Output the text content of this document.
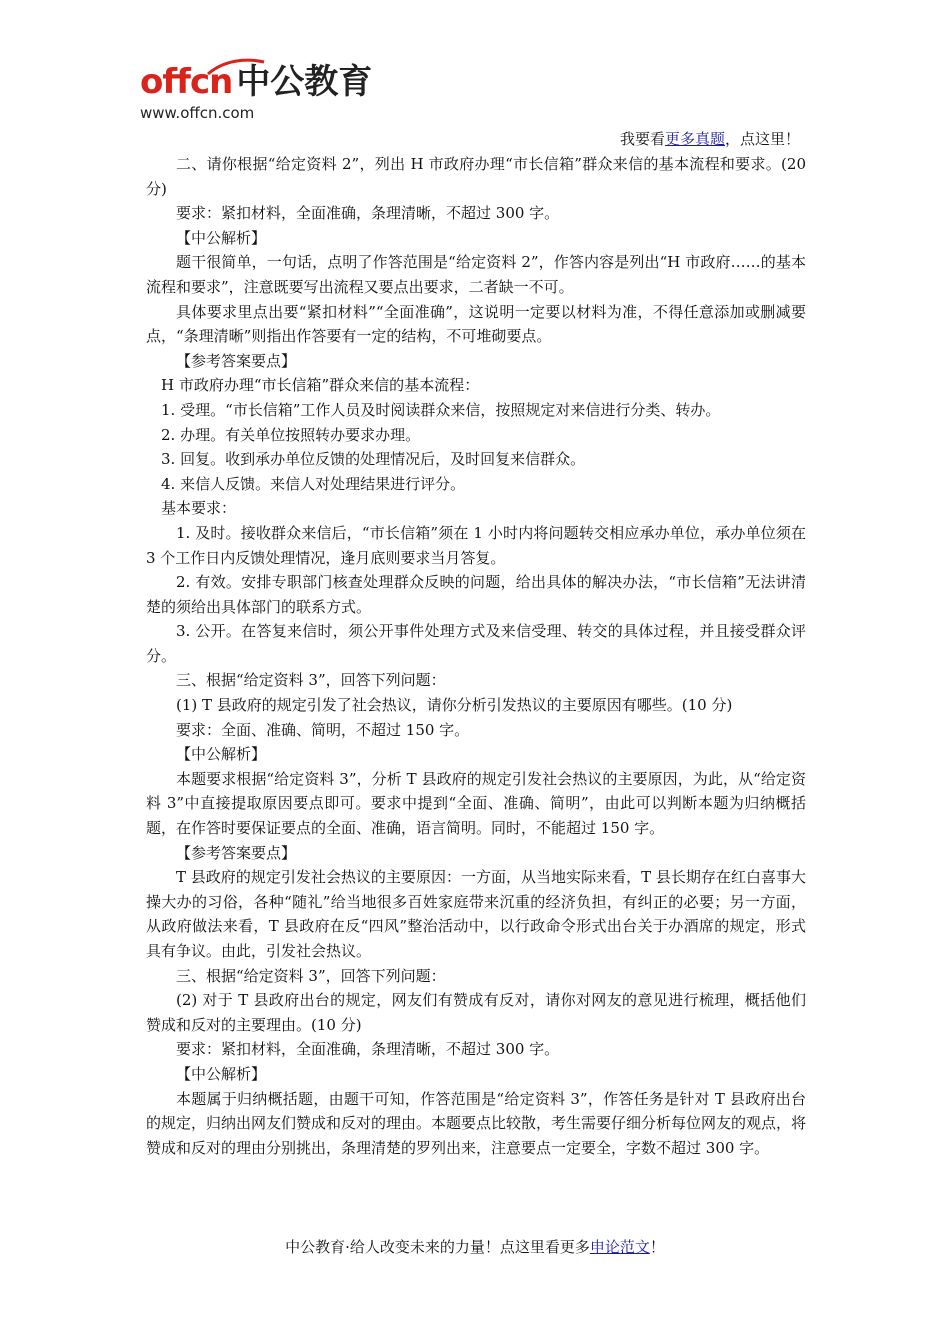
offcn 中公教育
www.offcn.com
我要看更多真题，点这里！

二、请你根据“给定资料 2”，列出 H 市政府办理“市长信箱”群众来信的基本流程和要求。(20 分)

要求：紧扣材料，全面准确，条理清晰，不超过 300 字。

【中公解析】

题干很简单，一句话，点明了作答范围是“给定资料 2”，作答内容是列出“H 市政府……的基本流程和要求”，注意既要写出流程又要点出要求，二者缺一不可。

具体要求里点出要“紧扣材料”“全面准确”，这说明一定要以材料为准，不得任意添加或删减要点，“条理清晰”则指出作答要有一定的结构，不可堆砌要点。

【参考答案要点】

H 市政府办理“市长信箱”群众来信的基本流程：

1. 受理。“市长信箱”工作人员及时阅读群众来信，按照规定对来信进行分类、转办。

2. 办理。有关单位按照转办要求办理。

3. 回复。收到承办单位反馈的处理情况后，及时回复来信群众。

4. 来信人反馈。来信人对处理结果进行评分。

基本要求：

1. 及时。接收群众来信后，“市长信箱”须在 1 小时内将问题转交相应承办单位，承办单位须在 3 个工作日内反馈处理情况，逢月底则要求当月答复。

2. 有效。安排专职部门核查处理群众反映的问题，给出具体的解决办法，“市长信箱”无法讲清楚的须给出具体部门的联系方式。

3. 公开。在答复来信时，须公开事件处理方式及来信受理、转交的具体过程，并且接受群众评分。

三、根据“给定资料 3”，回答下列问题：

(1) T 县政府的规定引发了社会热议，请你分析引发热议的主要原因有哪些。(10 分)

要求：全面、准确、简明，不超过 150 字。

【中公解析】

本题要求根据“给定资料 3”，分析 T 县政府的规定引发社会热议的主要原因，为此，从“给定资料 3”中直接提取原因要点即可。要求中提到“全面、准确、简明”，由此可以判断本题为归纳概括题，在作答时要保证要点的全面、准确，语言简明。同时，不能超过 150 字。

【参考答案要点】

T 县政府的规定引发社会热议的主要原因：一方面，从当地实际来看，T 县长期存在红白喜事大操大办的习俗，各种“随礼”给当地很多百姓家庭带来沉重的经济负担，有纠正的必要；另一方面，从政府做法来看，T 县政府在反“四风”整治活动中，以行政命令形式出台关于办酒席的规定，形式具有争议。由此，引发社会热议。

三、根据“给定资料 3”，回答下列问题：

(2) 对于 T 县政府出台的规定，网友们有赞成有反对，请你对网友的意见进行梳理，概括他们赞成和反对的主要理由。(10 分)

要求：紧扣材料，全面准确，条理清晰，不超过 300 字。

【中公解析】

本题属于归纳概括题，由题干可知，作答范围是“给定资料 3”，作答任务是针对 T 县政府出台的规定，归纳出网友们赞成和反对的理由。本题要点比较散，考生需要仔细分析每位网友的观点，将赞成和反对的理由分别挑出，条理清楚的罗列出来，注意要点一定要全，字数不超过 300 字。

中公教育·给人改变未来的力量！点这里看更多申论范文！
